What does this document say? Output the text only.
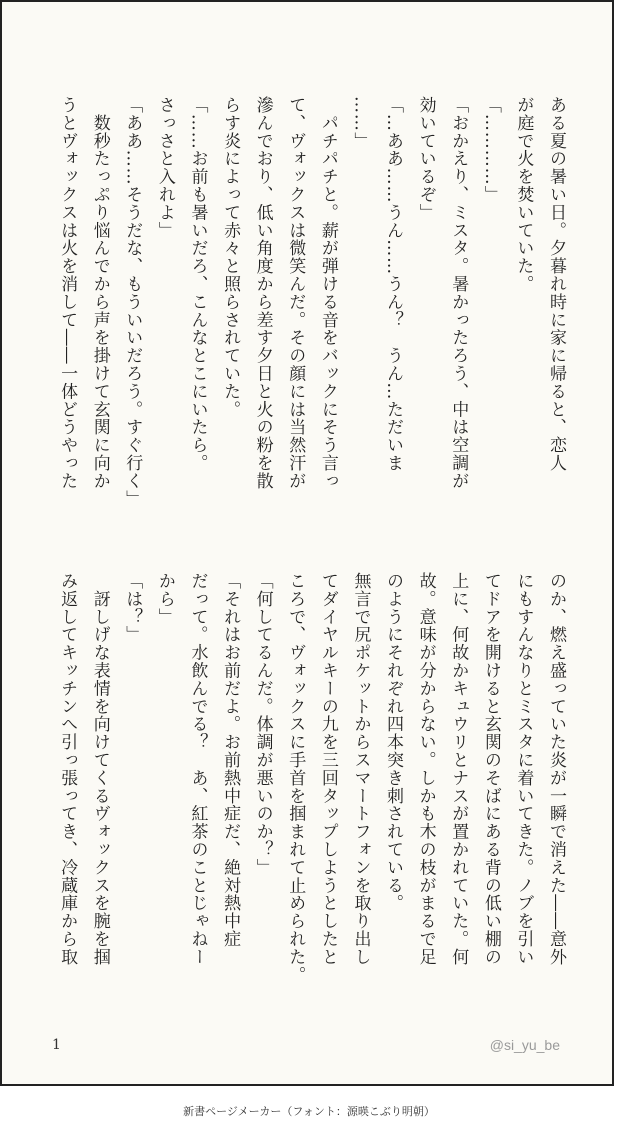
ある夏の暑い日。夕暮れ時に家に帰ると、恋人
が庭で火を焚いていた。
「…………」
「おかえり、ミスタ。暑かったろう、中は空調が
効いているぞ」
「…ああ……うん……うん？　うん…ただいま
……」
　パチパチと。薪が弾ける音をバックにそう言っ
て、ヴォックスは微笑んだ。その顔には当然汗が
滲んでおり、低い角度から差す夕日と火の粉を散
らす炎によって赤々と照らされていた。
「……お前も暑いだろ、こんなとこにいたら。
さっさと入れよ」
「ああ……そうだな、もういいだろう。すぐ行く」
　数秒たっぷり悩んでから声を掛けて玄関に向か
うとヴォックスは火を消して――一体どうやった
のか、燃え盛っていた炎が一瞬で消えた――意外
にもすんなりとミスタに着いてきた。ノブを引い
てドアを開けると玄関のそばにある背の低い棚の
上に、何故かキュウリとナスが置かれていた。何
故。意味が分からない。しかも木の枝がまるで足
のようにそれぞれ四本突き刺されている。
無言で尻ポケットからスマートフォンを取り出し
てダイヤルキーの九を三回タップしようとしたと
ころで、ヴォックスに手首を掴まれて止められた。
「何してるんだ。体調が悪いのか？」
「それはお前だよ。お前熱中症だ、絶対熱中症
だって。水飲んでる？　あ、紅茶のことじゃねー
から」
「は？」
　訝しげな表情を向けてくるヴォックスを腕を掴
み返してキッチンへ引っ張ってき、冷蔵庫から取
1	@si_yu_be
新書ページメーカー（フォント：源暎こぶり明朝）
